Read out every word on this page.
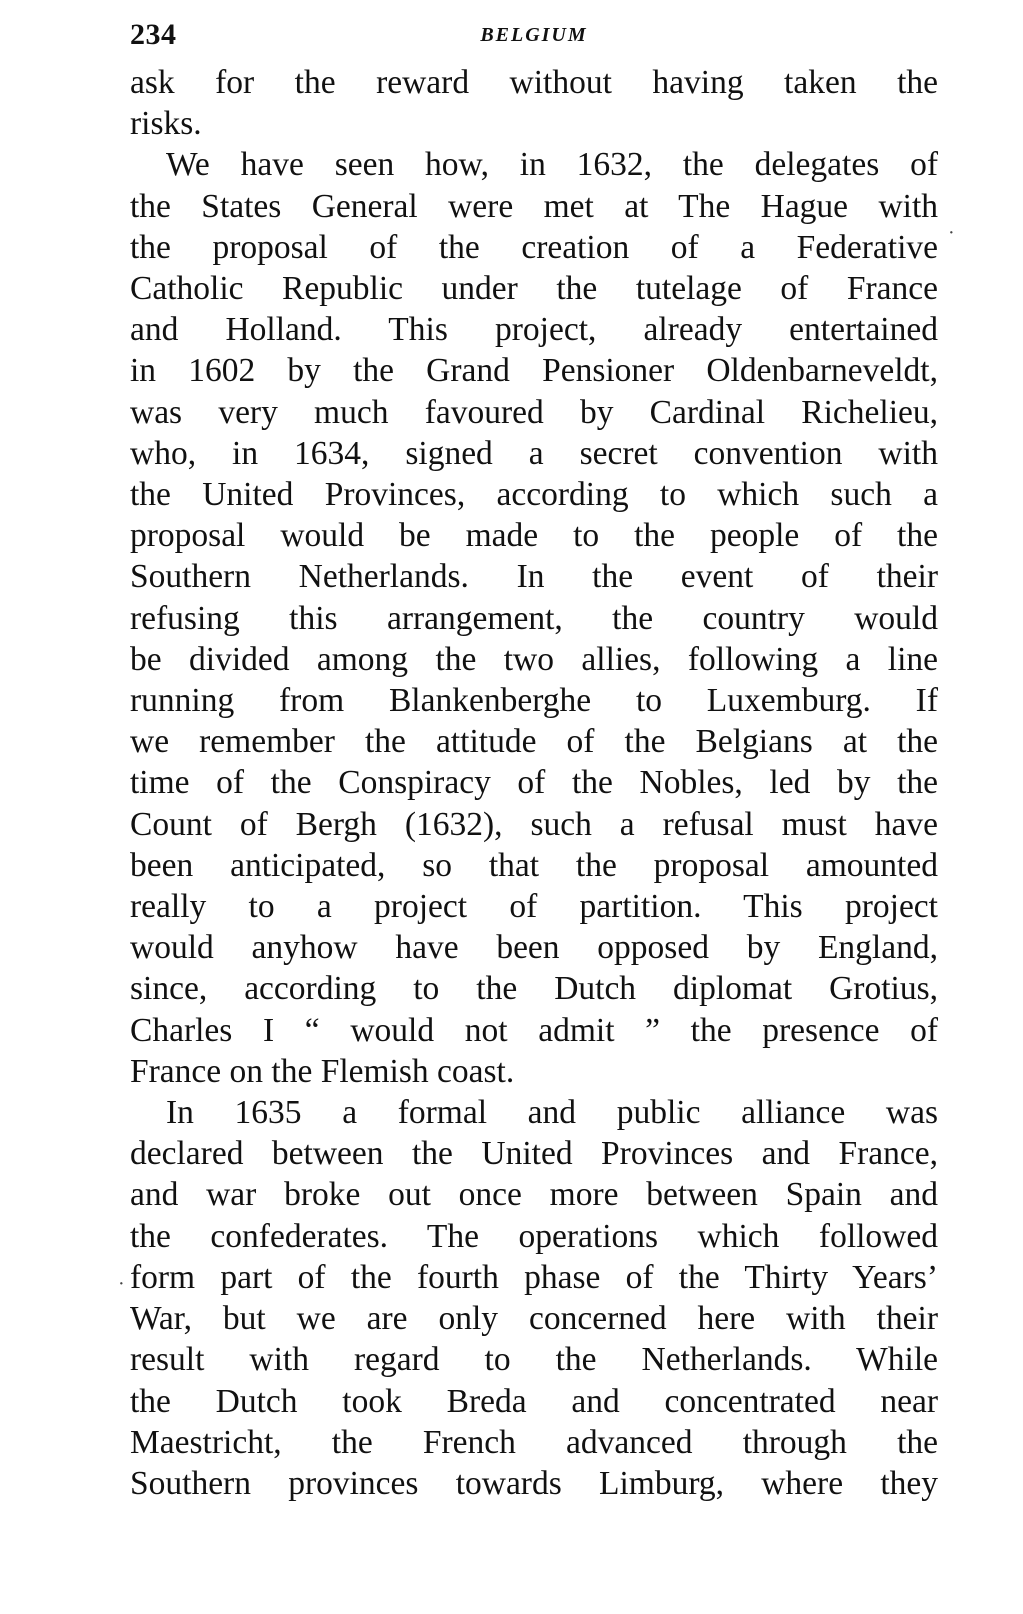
234	BELGIUM
ask for the reward without having taken the
risks.
We have seen how, in 1632, the delegates of
the States General were met at The Hague with
the proposal of the creation of a Federative
Catholic Republic under the tutelage of France
and Holland. This project, already entertained
in 1602 by the Grand Pensioner Oldenbarneveldt,
was very much favoured by Cardinal Richelieu,
who, in 1634, signed a secret convention with
the United Provinces, according to which such a
proposal would be made to the people of the
Southern Netherlands. In the event of their
refusing this arrangement, the country would
be divided among the two allies, following a line
running from Blankenberghe to Luxemburg. If
we remember the attitude of the Belgians at the
time of the Conspiracy of the Nobles, led by the
Count of Bergh (1632), such a refusal must have
been anticipated, so that the proposal amounted
really to a project of partition. This project
would anyhow have been opposed by England,
since, according to the Dutch diplomat Grotius,
Charles I “ would not admit ” the presence of
France on the Flemish coast.
In 1635 a formal and public alliance was
declared between the United Provinces and France,
and war broke out once more between Spain and
the confederates. The operations which followed
form part of the fourth phase of the Thirty Years’
War, but we are only concerned here with their
result with regard to the Netherlands. While
the Dutch took Breda and concentrated near
Maestricht, the French advanced through the
Southern provinces towards Limburg, where they
·
·
